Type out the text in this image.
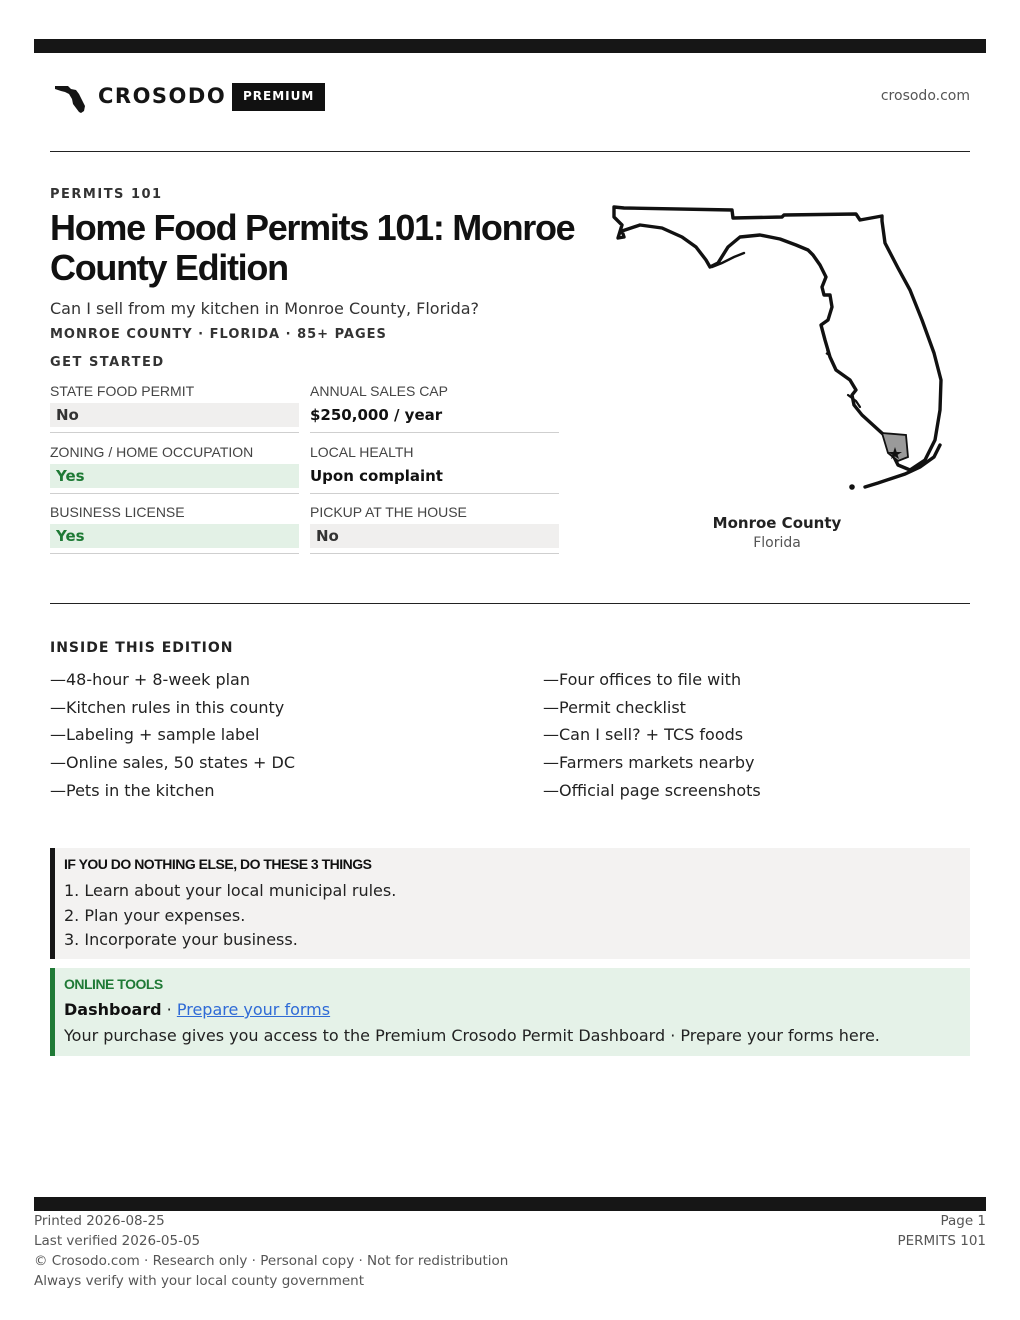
CROSODO	PREMIUM	crosodo.com
PERMITS 101
Home Food Permits 101: Monroe County Edition
Can I sell from my kitchen in Monroe County, Florida?
MONROE COUNTY · FLORIDA · 85+ PAGES
GET STARTED
STATE FOOD PERMIT
No
ANNUAL SALES CAP
$250,000 / year
ZONING / HOME OCCUPATION
Yes
LOCAL HEALTH
Upon complaint
BUSINESS LICENSE
Yes
PICKUP AT THE HOUSE
No
Monroe County
Florida
INSIDE THIS EDITION
—48-hour + 8-week plan
—Kitchen rules in this county
—Labeling + sample label
—Online sales, 50 states + DC
—Pets in the kitchen
—Four offices to file with
—Permit checklist
—Can I sell? + TCS foods
—Farmers markets nearby
—Official page screenshots
IF YOU DO NOTHING ELSE, DO THESE 3 THINGS
1. Learn about your local municipal rules.
2. Plan your expenses.
3. Incorporate your business.
ONLINE TOOLS
Dashboard · Prepare your forms
Your purchase gives you access to the Premium Crosodo Permit Dashboard · Prepare your forms here.
Printed 2026-08-25
Last verified 2026-05-05
© Crosodo.com · Research only · Personal copy · Not for redistribution
Always verify with your local county government
Page 1
PERMITS 101
